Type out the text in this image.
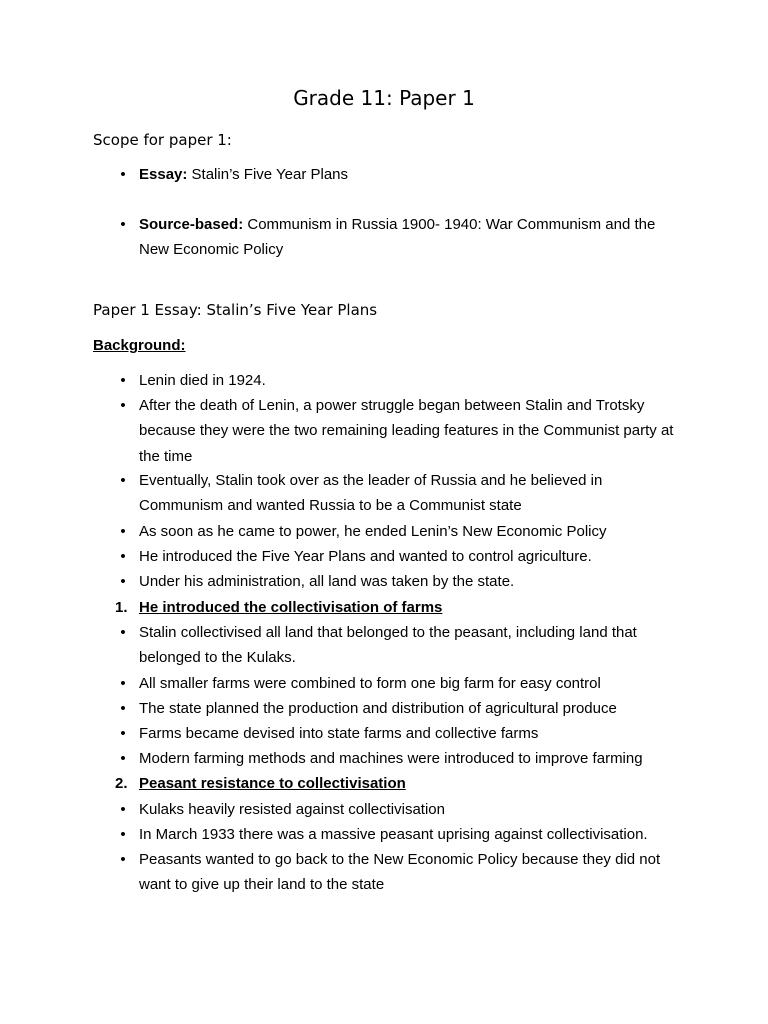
Grade 11: Paper 1
Scope for paper 1:
• Essay: Stalin’s Five Year Plans
• Source-based: Communism in Russia 1900- 1940: War Communism and the New Economic Policy
Paper 1 Essay: Stalin’s Five Year Plans
Background:
• Lenin died in 1924.
• After the death of Lenin, a power struggle began between Stalin and Trotsky because they were the two remaining leading features in the Communist party at the time
• Eventually, Stalin took over as the leader of Russia and he believed in Communism and wanted Russia to be a Communist state
• As soon as he came to power, he ended Lenin’s New Economic Policy
• He introduced the Five Year Plans and wanted to control agriculture.
• Under his administration, all land was taken by the state.
1. He introduced the collectivisation of farms
• Stalin collectivised all land that belonged to the peasant, including land that belonged to the Kulaks.
• All smaller farms were combined to form one big farm for easy control
• The state planned the production and distribution of agricultural produce
• Farms became devised into state farms and collective farms
• Modern farming methods and machines were introduced to improve farming
2. Peasant resistance to collectivisation
• Kulaks heavily resisted against collectivisation
• In March 1933 there was a massive peasant uprising against collectivisation.
• Peasants wanted to go back to the New Economic Policy because they did not want to give up their land to the state
